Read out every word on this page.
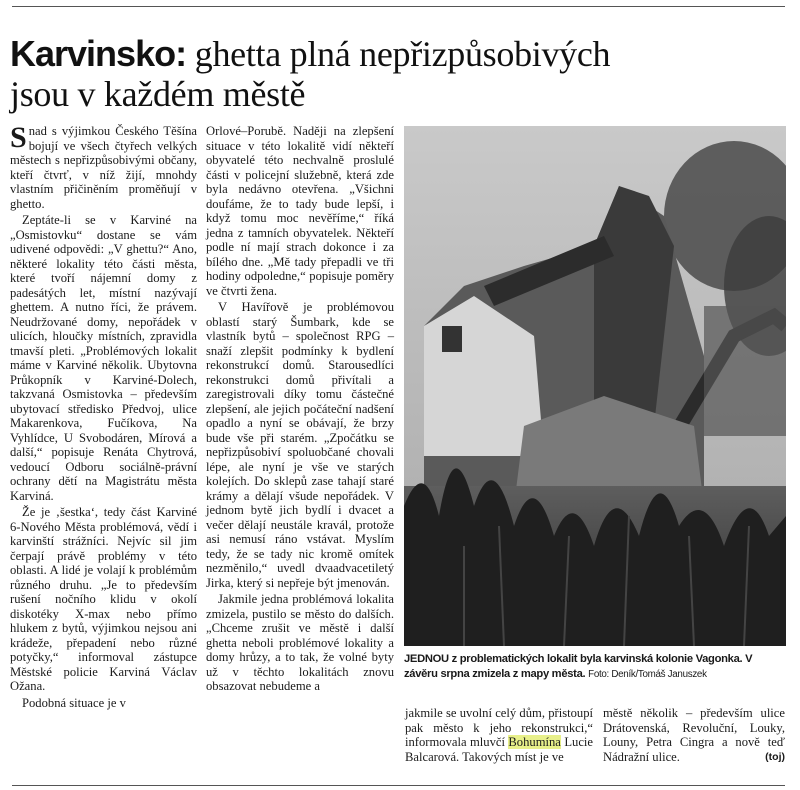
Karvinsko: ghetta plná nepřizpůsobivých
jsou v každém městě

Snad s výjimkou Českého Těšína bojují ve všech čtyřech velkých městech s nepřizpůsobivými občany, kteří čtvrť, v níž žijí, mnohdy vlastním přičiněním proměňují v ghetto.

Zeptáte-li se v Karviné na „Osmistovku“ dostane se vám udivené odpovědi: „V ghettu?“ Ano, některé lokality této části města, které tvoří nájemní domy z padesátých let, místní nazývají ghettem. A nutno říci, že právem. Neudržované domy, nepořádek v ulicích, hloučky místních, zpravidla tmavší pleti. „Problémových lokalit máme v Karviné několik. Ubytovna Průkopník v Karviné-Dolech, takzvaná Osmistovka – především ubytovací středisko Předvoj, ulice Makarenkova, Fučíkova, Na Vyhlídce, U Svobodáren, Mírová a další,“ popisuje Renáta Chytrová, vedoucí Odboru sociálně-právní ochrany dětí na Magistrátu města Karviná.

Že je ‚šestka‘, tedy část Karviné 6-Nového Města problémová, vědí i karvinští strážníci. Nejvíc sil jim čerpají právě problémy v této oblasti. A lidé je volají k problémům různého druhu. „Je to především rušení nočního klidu v okolí diskotéky X-max nebo přímo hlukem z bytů, výjimkou nejsou ani krádeže, přepadení nebo různé potyčky,“ informoval zástupce Městské policie Karviná Václav Ožana.

Podobná situace je v

Orlové–Porubě. Naději na zlepšení situace v této lokalitě vidí někteří obyvatelé této nechvalně proslulé části v policejní služebně, která zde byla nedávno otevřena. „Všichni doufáme, že to tady bude lepší, i když tomu moc nevěříme,“ říká jedna z tamních obyvatelek. Někteří podle ní mají strach dokonce i za bílého dne. „Mě tady přepadli ve tři hodiny odpoledne,“ popisuje poměry ve čtvrti žena.

V Havířově je problémovou oblastí starý Šumbark, kde se vlastník bytů – společnost RPG – snaží zlepšit podmínky k bydlení rekonstrukcí domů. Starousedlíci rekonstrukci domů přivítali a zaregistrovali díky tomu částečné zlepšení, ale jejich počáteční nadšení opadlo a nyní se obávají, že brzy bude vše při starém. „Zpočátku se nepřizpůsobiví spoluobčané chovali lépe, ale nyní je vše ve starých kolejích. Do sklepů zase tahají staré krámy a dělají všude nepořádek. V jednom bytě jich bydlí i dvacet a večer dělají neustále kravál, protože asi nemusí ráno vstávat. Myslím tedy, že se tady nic kromě omítek nezměnilo,“ uvedl dvaadvacetiletý Jirka, který si nepřeje být jmenován.

Jakmile jedna problémová lokalita zmizela, pustilo se město do dalších. „Chceme zrušit ve městě i další ghetta neboli problémové lokality a domy hrůzy, a to tak, že volné byty už v těchto lokalitách znovu obsazovat nebudeme a

JEDNOU z problematických lokalit byla karvinská kolonie Vagonka. V závěru srpna zmizela z mapy města. Foto: Deník/Tomáš Januszek

jakmile se uvolní celý dům, přistoupí pak město k jeho rekonstrukci,“ informovala mluvčí Bohumína Lucie Balcarová. Takových míst je ve

městě několik – především ulice Drátovenská, Revoluční, Louky, Louny, Petra Cingra a nově teď Nádražní ulice.	(toj)
